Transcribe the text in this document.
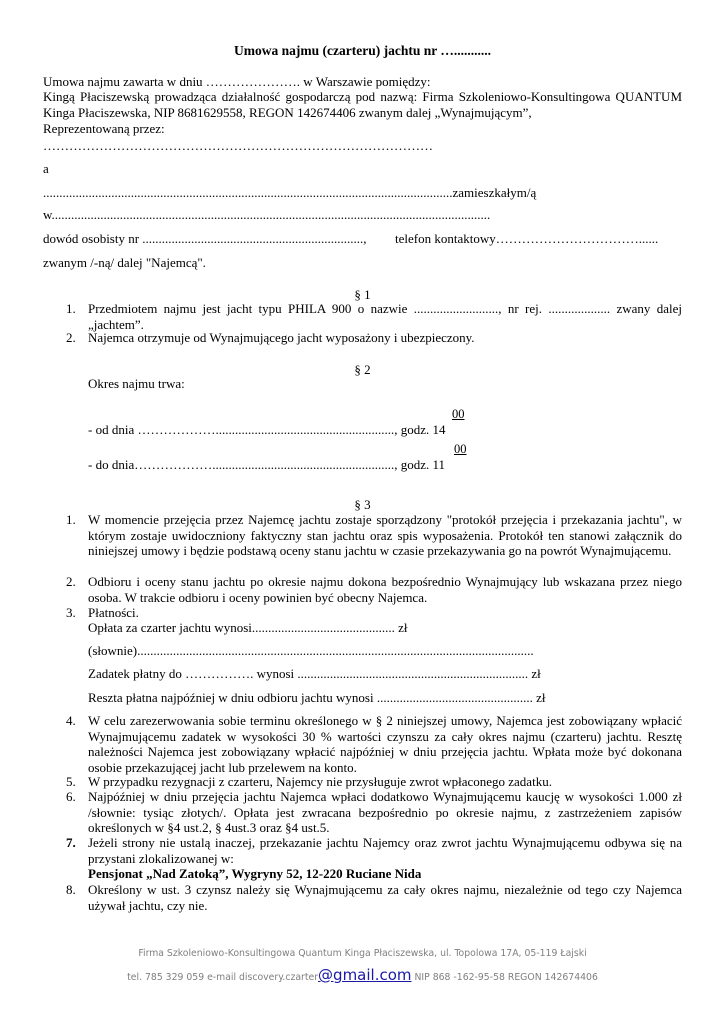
Umowa najmu (czarteru) jachtu nr …...........
Umowa najmu zawarta w dniu …………………. w Warszawie pomiędzy:
Kingą Płaciszewską prowadząca działalność gospodarczą pod nazwą: Firma Szkoleniowo-Konsultingowa QUANTUM Kinga Płaciszewska, NIP 8681629558, REGON 142674406 zwanym dalej „Wynajmującym”,
Reprezentowaną przez:
………………………………………………………………………………
a
..............................................................................................................................zamieszkałym/ą
w.......................................................................................................................................
dowód osobisty nr ...................................................................., telefon kontaktowy……………………………......
zwanym /-ną/ dalej "Najemcą".
§ 1
1. Przedmiotem najmu jest jacht typu PHILA 900 o nazwie .........................., nr rej. ................... zwany dalej „jachtem”.
2. Najemca otrzymuje od Wynajmującego jacht wyposażony i ubezpieczony.
§ 2
Okres najmu trwa:
00
- od dnia ………………......................................................., godz. 14
00
- do dnia………………........................................................, godz. 11
§ 3
1. W momencie przejęcia przez Najemcę jachtu zostaje sporządzony "protokół przejęcia i przekazania jachtu", w którym zostaje uwidoczniony faktyczny stan jachtu oraz spis wyposażenia. Protokół ten stanowi załącznik do niniejszej umowy i będzie podstawą oceny stanu jachtu w czasie przekazywania go na powrót Wynajmującemu.
2. Odbioru i oceny stanu jachtu po okresie najmu dokona bezpośrednio Wynajmujący lub wskazana przez niego osoba. W trakcie odbioru i oceny powinien być obecny Najemca.
3. Płatności.
Opłata za czarter jachtu wynosi............................................ zł
(słownie)..........................................................................................................................
Zadatek płatny do ……………. wynosi ....................................................................... zł
Reszta płatna najpóźniej w dniu odbioru jachtu wynosi ................................................ zł
4. W celu zarezerwowania sobie terminu określonego w § 2 niniejszej umowy, Najemca jest zobowiązany wpłacić Wynajmującemu zadatek w wysokości 30 % wartości czynszu za cały okres najmu (czarteru) jachtu. Resztę należności Najemca jest zobowiązany wpłacić najpóźniej w dniu przejęcia jachtu. Wpłata może być dokonana osobie przekazującej jacht lub przelewem na konto.
5. W przypadku rezygnacji z czarteru, Najemcy nie przysługuje zwrot wpłaconego zadatku.
6. Najpóźniej w dniu przejęcia jachtu Najemca wpłaci dodatkowo Wynajmującemu kaucję w wysokości 1.000 zł /słownie: tysiąc złotych/. Opłata jest zwracana bezpośrednio po okresie najmu, z zastrzeżeniem zapisów określonych w §4 ust.2, § 4ust.3 oraz §4 ust.5.
7. Jeżeli strony nie ustalą inaczej, przekazanie jachtu Najemcy oraz zwrot jachtu Wynajmującemu odbywa się na przystani zlokalizowanej w:
Pensjonat „Nad Zatoką”, Wygryny 52, 12-220 Ruciane Nida
8. Określony w ust. 3 czynsz należy się Wynajmującemu za cały okres najmu, niezależnie od tego czy Najemca używał jachtu, czy nie.
Firma Szkoleniowo-Konsultingowa Quantum Kinga Płaciszewska, ul. Topolowa 17A, 05-119 Łajski
tel. 785 329 059 e-mail discovery.czarter@gmail.com NIP 868 -162-95-58 REGON 142674406
